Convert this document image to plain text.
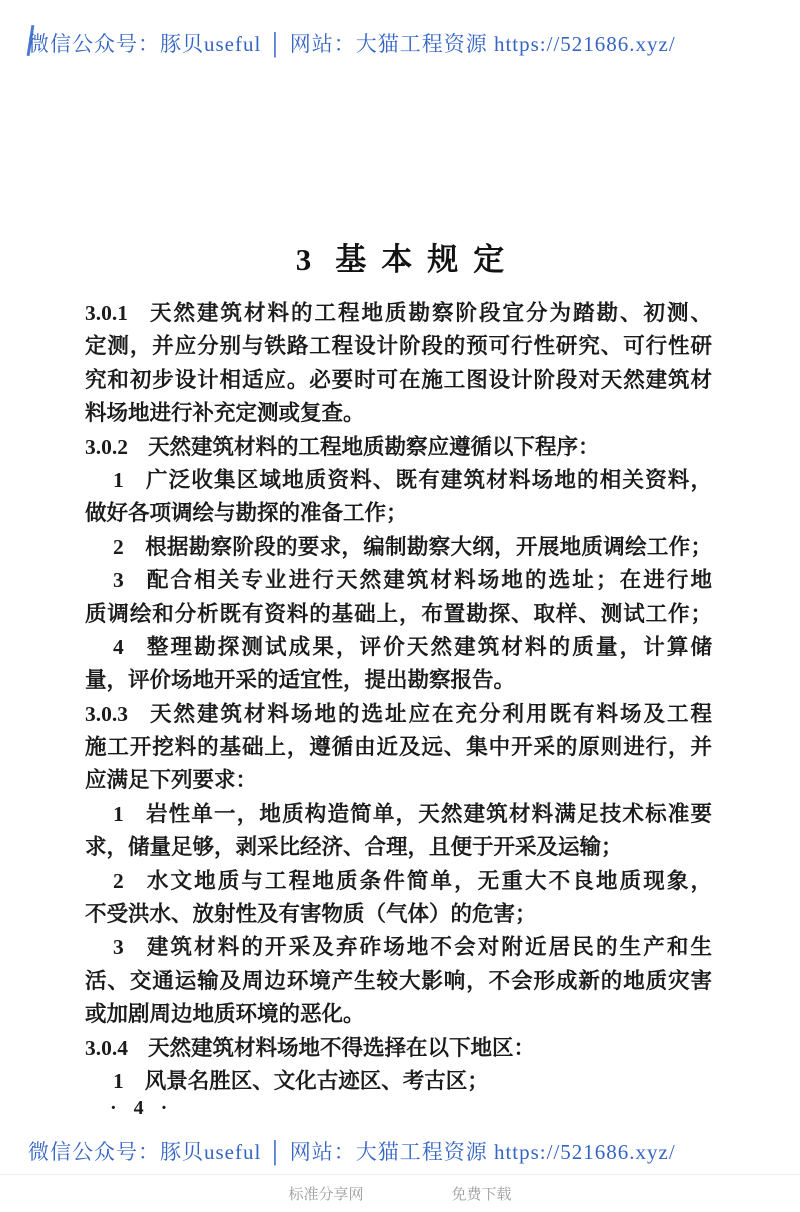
微信公众号：豚贝useful │ 网站：大猫工程资源 https://521686.xyz/
3 基本规定
3.0.1 天然建筑材料的工程地质勘察阶段宜分为踏勘、初测、
定测，并应分别与铁路工程设计阶段的预可行性研究、可行性研
究和初步设计相适应。必要时可在施工图设计阶段对天然建筑材
料场地进行补充定测或复查。
3.0.2 天然建筑材料的工程地质勘察应遵循以下程序：
1 广泛收集区域地质资料、既有建筑材料场地的相关资料，
做好各项调绘与勘探的准备工作；
2 根据勘察阶段的要求，编制勘察大纲，开展地质调绘工作；
3 配合相关专业进行天然建筑材料场地的选址；在进行地
质调绘和分析既有资料的基础上，布置勘探、取样、测试工作；
4 整理勘探测试成果，评价天然建筑材料的质量，计算储
量，评价场地开采的适宜性，提出勘察报告。
3.0.3 天然建筑材料场地的选址应在充分利用既有料场及工程
施工开挖料的基础上，遵循由近及远、集中开采的原则进行，并
应满足下列要求：
1 岩性单一，地质构造简单，天然建筑材料满足技术标准要
求，储量足够，剥采比经济、合理，且便于开采及运输；
2 水文地质与工程地质条件简单，无重大不良地质现象，
不受洪水、放射性及有害物质（气体）的危害；
3 建筑材料的开采及弃砟场地不会对附近居民的生产和生
活、交通运输及周边环境产生较大影响，不会形成新的地质灾害
或加剧周边地质环境的恶化。
3.0.4 天然建筑材料场地不得选择在以下地区：
1 风景名胜区、文化古迹区、考古区；
· 4 ·
微信公众号：豚贝useful │ 网站：大猫工程资源 https://521686.xyz/
标准分享网	免费下载
